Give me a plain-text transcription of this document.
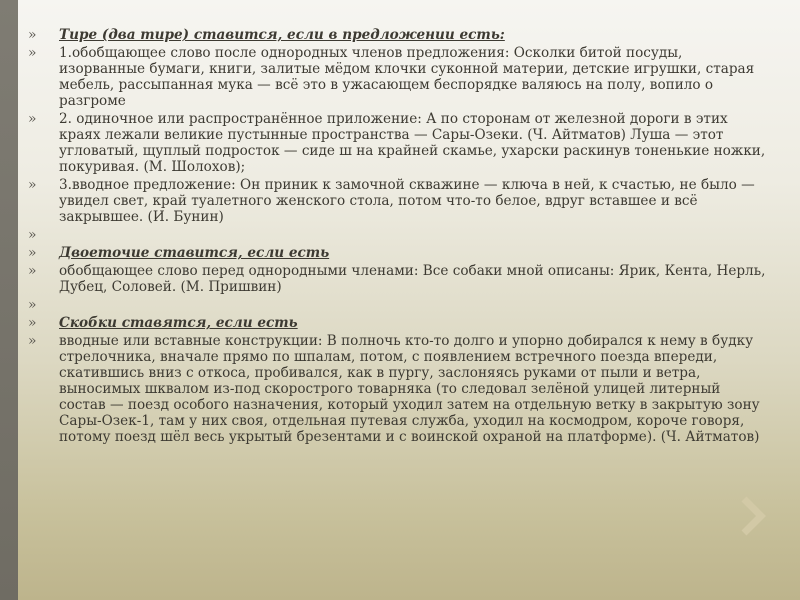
»	Тире (два тире) ставится, если в предложении есть:
»	1.обобщающее слово после однородных членов предложения: Осколки битой посуды, изорванные бумаги, книги, залитые мёдом клочки суконной материи, детские игрушки, старая мебель, рассыпанная мука — всё это в ужасающем беспорядке валяюсь на полу, вопило о разгроме
»	2. одиночное или распространённое приложение: А по сторонам от железной дороги в этих краях лежали великие пустынные пространства — Сары-Озеки. (Ч. Айтматов) Луша — этот угловатый, щуплый подросток — сиде ш на крайней скамье, ухарски раскинув тоненькие ножки, покуривая. (М. Шолохов);
»	3.вводное предложение: Он приник к замочной скважине — ключа в ней, к счастью, не было — увидел свет, край туалетного женского стола, потом что-то белое, вдруг вставшее и всё закрывшее. (И. Бунин)
»
»	Двоеточие ставится, если есть
»	обобщающее слово перед однородными членами: Все собаки мной описаны: Ярик, Кента, Нерль, Дубец, Соловей. (М. Пришвин)
»
»	Скобки ставятся, если есть
»	вводные или вставные конструкции: В полночь кто-то долго и упорно добирался к нему в будку стрелочника, вначале прямо по шпалам, потом, с появлением встречного поезда впереди, скатившись вниз с откоса, пробивался, как в пургу, заслоняясь руками от пыли и ветра, выносимых шквалом из-под скорострого товарняка (то следовал зелёной улицей литерный состав — поезд особого назначения, который уходил затем на отдельную ветку в закрытую зону Сары-Озек-1, там у них своя, отдельная путевая служба, уходил на космодром, короче говоря, потому поезд шёл весь укрытый брезентами и с воинской охраной на платформе). (Ч. Айтматов)
